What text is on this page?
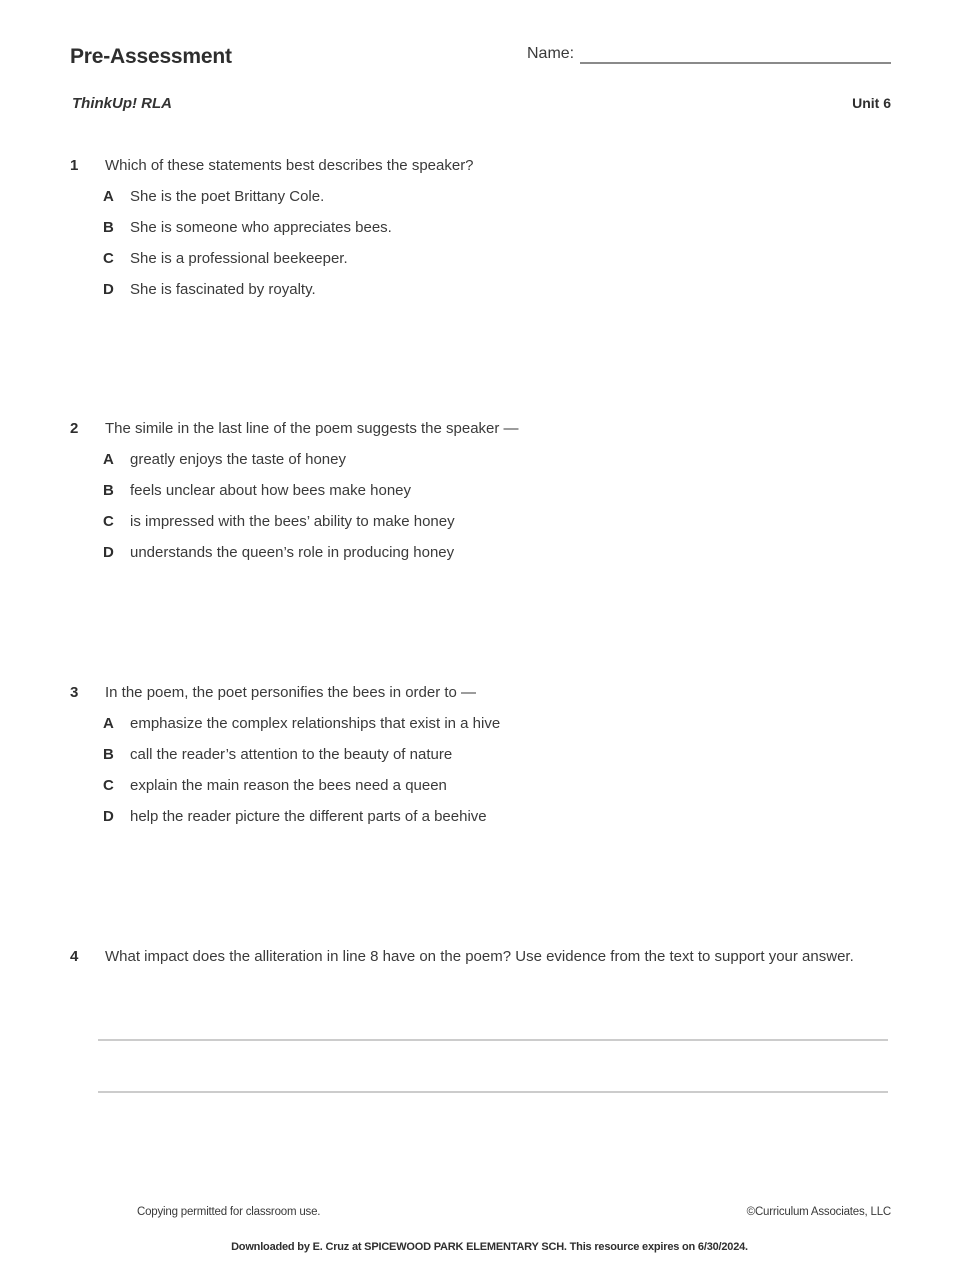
Pre-Assessment	Name:
ThinkUp! RLA	Unit 6
1	Which of these statements best describes the speaker?
A	She is the poet Brittany Cole.
B	She is someone who appreciates bees.
C	She is a professional beekeeper.
D	She is fascinated by royalty.
2	The simile in the last line of the poem suggests the speaker —
A	greatly enjoys the taste of honey
B	feels unclear about how bees make honey
C	is impressed with the bees’ ability to make honey
D	understands the queen’s role in producing honey
3	In the poem, the poet personifies the bees in order to —
A	emphasize the complex relationships that exist in a hive
B	call the reader’s attention to the beauty of nature
C	explain the main reason the bees need a queen
D	help the reader picture the different parts of a beehive
4	What impact does the alliteration in line 8 have on the poem? Use evidence from the text to support your answer.
Copying permitted for classroom use.	©Curriculum Associates, LLC
Downloaded by E. Cruz at SPICEWOOD PARK ELEMENTARY SCH. This resource expires on 6/30/2024.
